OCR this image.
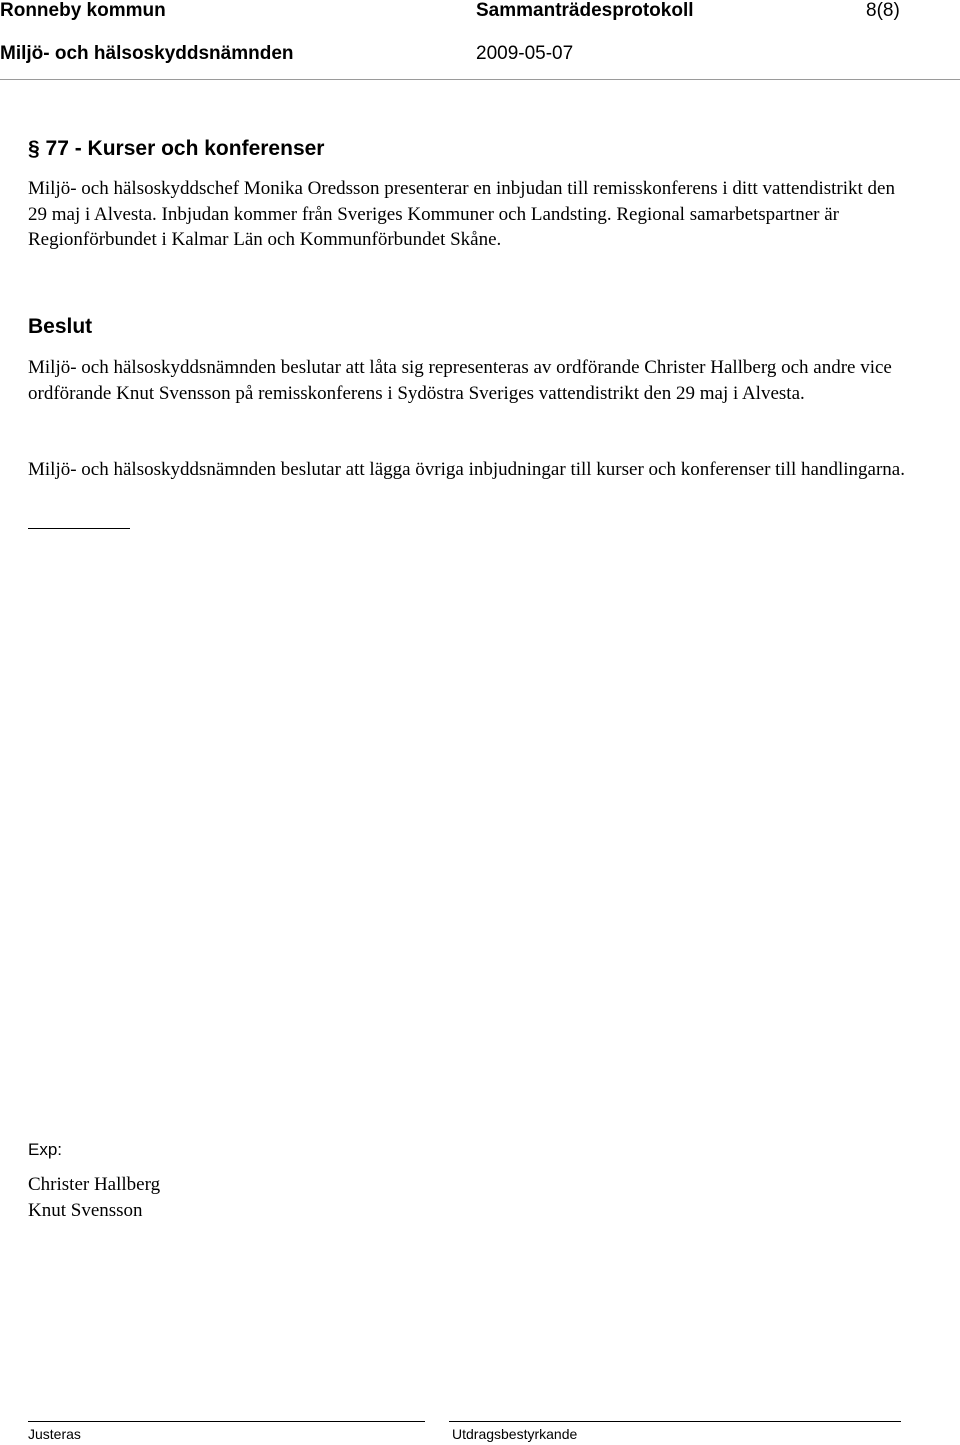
Ronneby kommun	Sammanträdesprotokoll	8(8)
Miljö- och hälsoskyddsnämnden	2009-05-07
§ 77 - Kurser och konferenser
Miljö- och hälsoskyddschef Monika Oredsson presenterar en inbjudan till remisskonferens i ditt vattendistrikt den 29 maj i Alvesta. Inbjudan kommer från Sveriges Kommuner och Landsting. Regional samarbetspartner är Regionförbundet i Kalmar Län och Kommunförbundet Skåne.
Beslut
Miljö- och hälsoskyddsnämnden beslutar att låta sig representeras av ordförande Christer Hallberg och andre vice ordförande Knut Svensson på remisskonferens i Sydöstra Sveriges vattendistrikt den 29 maj i Alvesta.
Miljö- och hälsoskyddsnämnden beslutar att lägga övriga inbjudningar till kurser och konferenser till handlingarna.
Exp:
Christer Hallberg
Knut Svensson
Justeras	Utdragsbestyrkande
